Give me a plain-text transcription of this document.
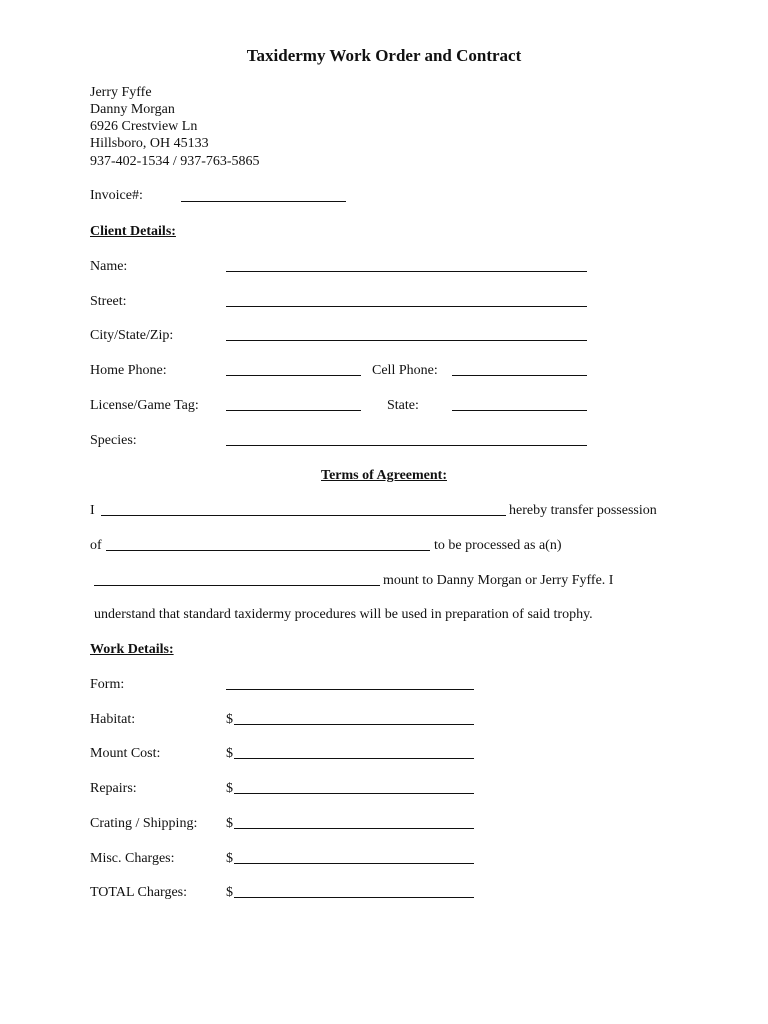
Taxidermy Work Order and Contract
Jerry Fyffe
Danny Morgan
6926 Crestview Ln
Hillsboro, OH 45133
937-402-1534 / 937-763-5865
Invoice#:
Client Details:
Name:
Street:
City/State/Zip:
Home Phone:	Cell Phone:
License/Game Tag:	State:
Species:
Terms of Agreement:
I	hereby transfer possession
of	to be processed as a(n)
mount to Danny Morgan or Jerry Fyffe. I
understand that standard taxidermy procedures will be used in preparation of said trophy.
Work Details:
Form:
Habitat:	$
Mount Cost:	$
Repairs:	$
Crating / Shipping: $
Misc. Charges:	$
TOTAL Charges:	$
